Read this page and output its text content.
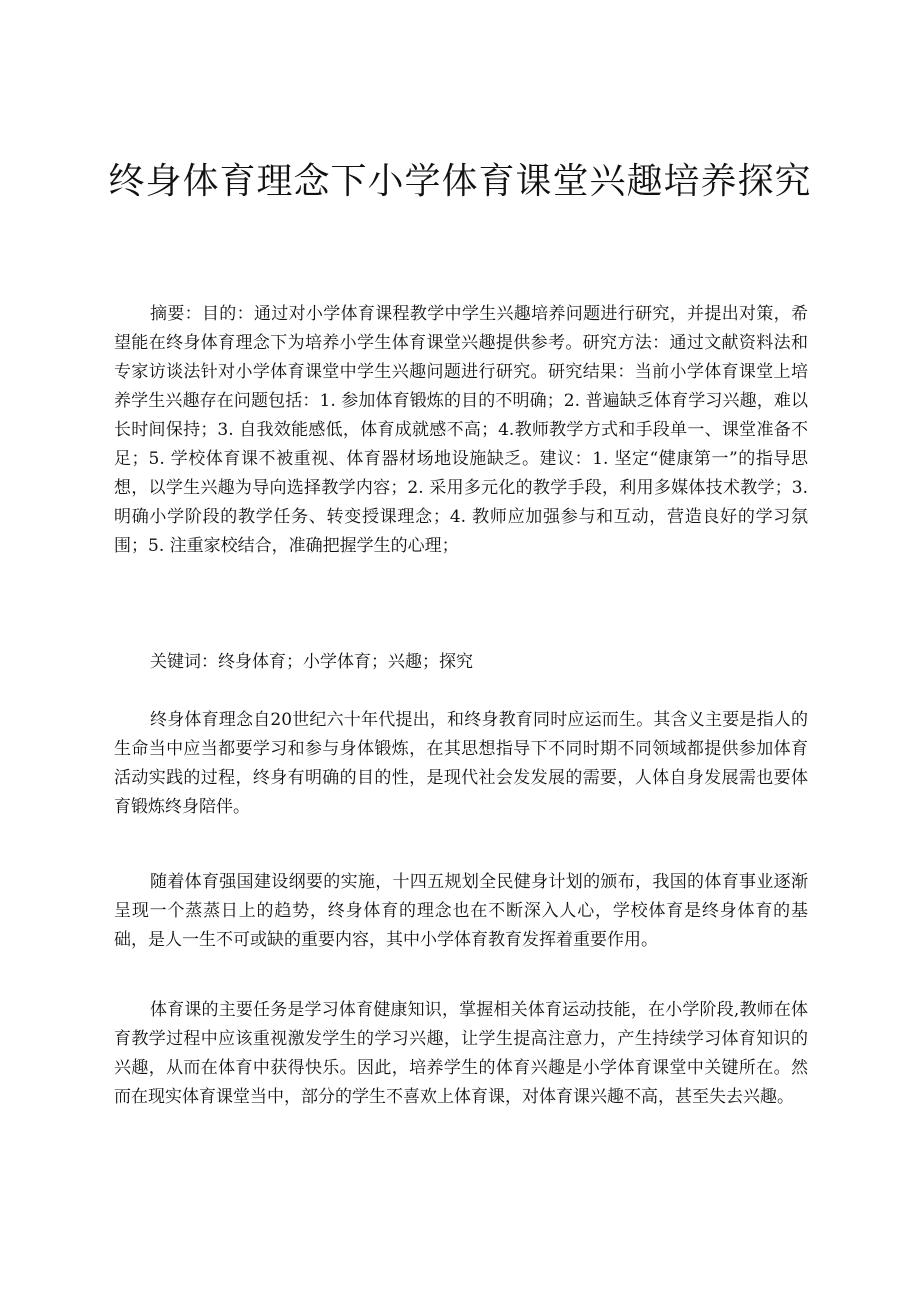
终身体育理念下小学体育课堂兴趣培养探究

摘要：目的：通过对小学体育课程教学中学生兴趣培养问题进行研究，并提出对策，希望能在终身体育理念下为培养小学生体育课堂兴趣提供参考。研究方法：通过文献资料法和专家访谈法针对小学体育课堂中学生兴趣问题进行研究。研究结果：当前小学体育课堂上培养学生兴趣存在问题包括：1. 参加体育锻炼的目的不明确；2. 普遍缺乏体育学习兴趣，难以长时间保持；3. 自我效能感低，体育成就感不高；4.教师教学方式和手段单一、课堂准备不足；5. 学校体育课不被重视、体育器材场地设施缺乏。建议：1. 坚定“健康第一”的指导思想，以学生兴趣为导向选择教学内容；2. 采用多元化的教学手段，利用多媒体技术教学；3.明确小学阶段的教学任务、转变授课理念；4. 教师应加强参与和互动，营造良好的学习氛围；5. 注重家校结合，准确把握学生的心理；

关键词：终身体育；小学体育；兴趣；探究

终身体育理念自20世纪六十年代提出，和终身教育同时应运而生。其含义主要是指人的生命当中应当都要学习和参与身体锻炼，在其思想指导下不同时期不同领域都提供参加体育活动实践的过程，终身有明确的目的性，是现代社会发发展的需要，人体自身发展需也要体育锻炼终身陪伴。

随着体育强国建设纲要的实施，十四五规划全民健身计划的颁布，我国的体育事业逐渐呈现一个蒸蒸日上的趋势，终身体育的理念也在不断深入人心，学校体育是终身体育的基础，是人一生不可或缺的重要内容，其中小学体育教育发挥着重要作用。

体育课的主要任务是学习体育健康知识，掌握相关体育运动技能，在小学阶段,教师在体育教学过程中应该重视激发学生的学习兴趣，让学生提高注意力，产生持续学习体育知识的兴趣，从而在体育中获得快乐。因此，培养学生的体育兴趣是小学体育课堂中关键所在。然而在现实体育课堂当中，部分的学生不喜欢上体育课，对体育课兴趣不高，甚至失去兴趣。
